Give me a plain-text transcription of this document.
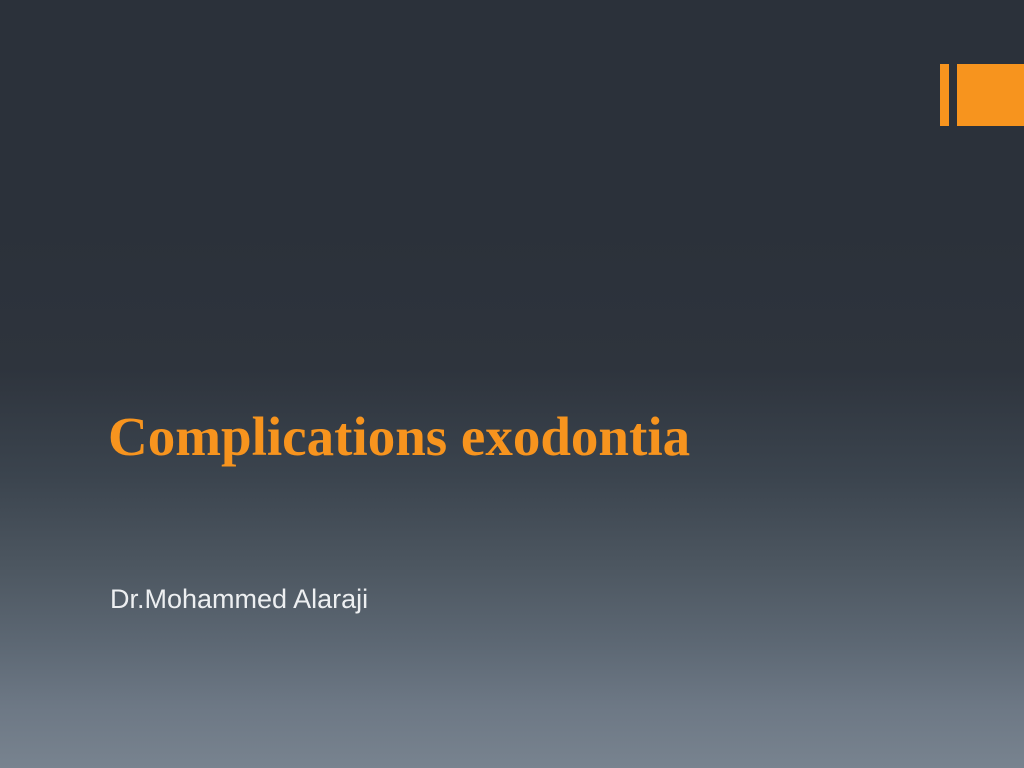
Complications exodontia

Dr.Mohammed Alaraji
